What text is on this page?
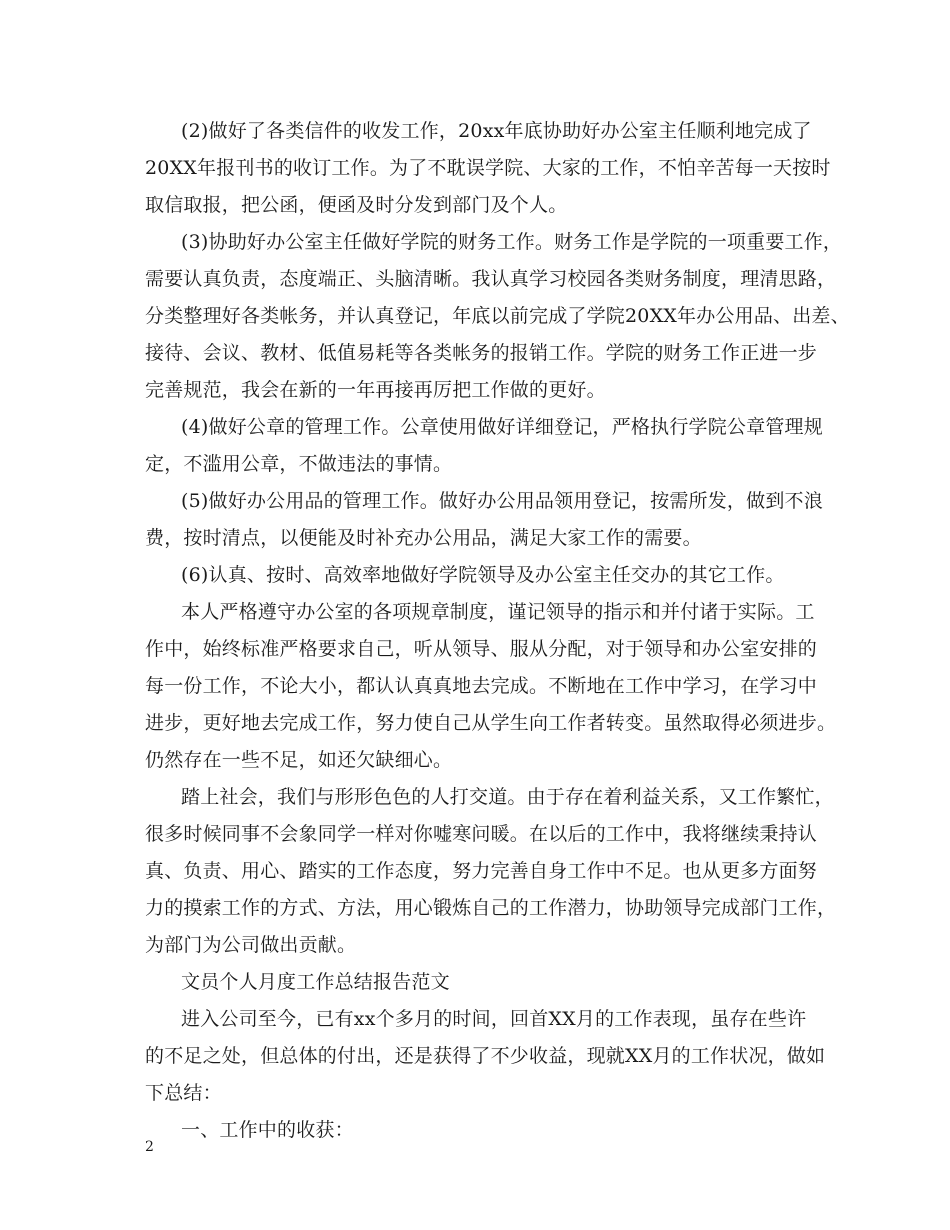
(2)做好了各类信件的收发工作，20xx年底协助好办公室主任顺利地完成了
20XX年报刊书的收订工作。为了不耽误学院、大家的工作，不怕辛苦每一天按时
取信取报，把公函，便函及时分发到部门及个人。
(3)协助好办公室主任做好学院的财务工作。财务工作是学院的一项重要工作，
需要认真负责，态度端正、头脑清晰。我认真学习校园各类财务制度，理清思路，
分类整理好各类帐务，并认真登记，年底以前完成了学院20XX年办公用品、出差、
接待、会议、教材、低值易耗等各类帐务的报销工作。学院的财务工作正进一步
完善规范，我会在新的一年再接再厉把工作做的更好。
(4)做好公章的管理工作。公章使用做好详细登记，严格执行学院公章管理规
定，不滥用公章，不做违法的事情。
(5)做好办公用品的管理工作。做好办公用品领用登记，按需所发，做到不浪
费，按时清点，以便能及时补充办公用品，满足大家工作的需要。
(6)认真、按时、高效率地做好学院领导及办公室主任交办的其它工作。
本人严格遵守办公室的各项规章制度，谨记领导的指示和并付诸于实际。工
作中，始终标准严格要求自己，听从领导、服从分配，对于领导和办公室安排的
每一份工作，不论大小，都认认真真地去完成。不断地在工作中学习，在学习中
进步，更好地去完成工作，努力使自己从学生向工作者转变。虽然取得必须进步。
仍然存在一些不足，如还欠缺细心。
踏上社会，我们与形形色色的人打交道。由于存在着利益关系，又工作繁忙，
很多时候同事不会象同学一样对你嘘寒问暖。在以后的工作中，我将继续秉持认
真、负责、用心、踏实的工作态度，努力完善自身工作中不足。也从更多方面努
力的摸索工作的方式、方法，用心锻炼自己的工作潜力，协助领导完成部门工作，
为部门为公司做出贡献。
文员个人月度工作总结报告范文
进入公司至今，已有xx个多月的时间，回首XX月的工作表现，虽存在些许
的不足之处，但总体的付出，还是获得了不少收益，现就XX月的工作状况，做如
下总结：
一、工作中的收获：
2
